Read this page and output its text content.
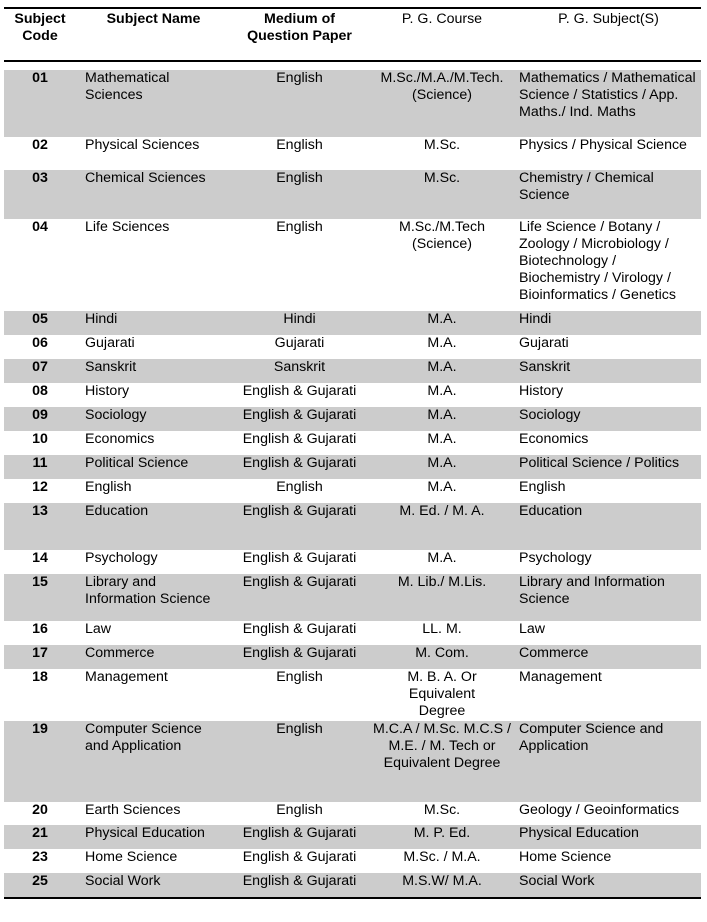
Subject Code	Subject Name	Medium of Question Paper	P. G. Course	P. G. Subject(S)

01	Mathematical Sciences	English	M.Sc./M.A./M.Tech. (Science)	Mathematics / Mathematical Science / Statistics / App. Maths./ Ind. Maths
02	Physical Sciences	English	M.Sc.	Physics / Physical Science
03	Chemical Sciences	English	M.Sc.	Chemistry / Chemical Science
04	Life Sciences	English	M.Sc./M.Tech (Science)	Life Science / Botany / Zoology / Microbiology / Biotechnology / Biochemistry / Virology / Bioinformatics / Genetics
05	Hindi	Hindi	M.A.	Hindi
06	Gujarati	Gujarati	M.A.	Gujarati
07	Sanskrit	Sanskrit	M.A.	Sanskrit
08	History	English & Gujarati	M.A.	History
09	Sociology	English & Gujarati	M.A.	Sociology
10	Economics	English & Gujarati	M.A.	Economics
11	Political Science	English & Gujarati	M.A.	Political Science / Politics
12	English	English	M.A.	English
13	Education	English & Gujarati	M. Ed. / M. A.	Education
14	Psychology	English & Gujarati	M.A.	Psychology
15	Library and Information Science	English & Gujarati	M. Lib./ M.Lis.	Library and Information Science
16	Law	English & Gujarati	LL. M.	Law
17	Commerce	English & Gujarati	M. Com.	Commerce
18	Management	English	M. B. A. Or Equivalent Degree	Management
19	Computer Science and Application	English	M.C.A / M.Sc. M.C.S / M.E. / M. Tech or Equivalent Degree	Computer Science and Application
20	Earth Sciences	English	M.Sc.	Geology / Geoinformatics
21	Physical Education	English & Gujarati	M. P. Ed.	Physical Education
23	Home Science	English & Gujarati	M.Sc. / M.A.	Home Science
25	Social Work	English & Gujarati	M.S.W/ M.A.	Social Work
